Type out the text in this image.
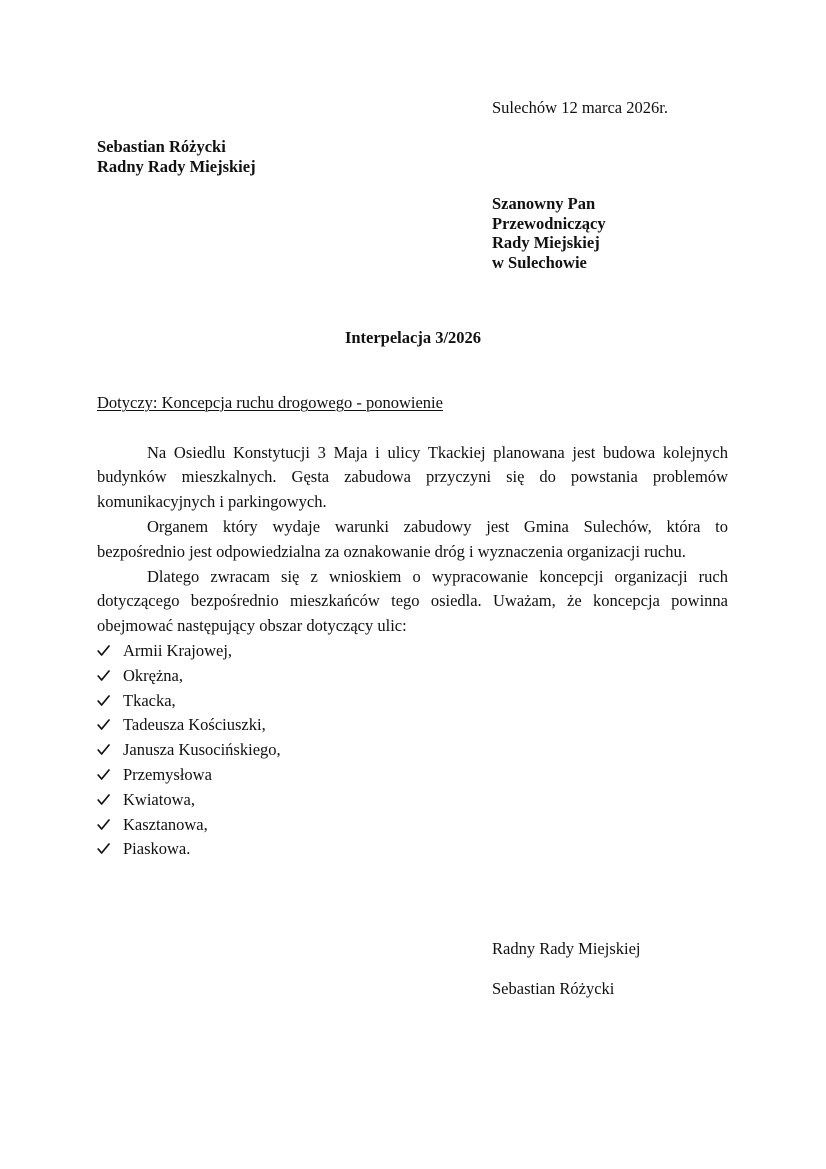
Sulechów 12 marca 2026r.
Sebastian Różycki
Radny Rady Miejskiej
Szanowny Pan
Przewodniczący
Rady Miejskiej
w Sulechowie
Interpelacja 3/2026
Dotyczy: Koncepcja ruchu drogowego - ponowienie
Na Osiedlu Konstytucji 3 Maja i ulicy Tkackiej planowana jest budowa kolejnych
budynków mieszkalnych. Gęsta zabudowa przyczyni się do powstania problemów
komunikacyjnych i parkingowych.
Organem który wydaje warunki zabudowy jest Gmina Sulechów, która to
bezpośrednio jest odpowiedzialna za oznakowanie dróg i wyznaczenia organizacji ruchu.
Dlatego zwracam się z wnioskiem o wypracowanie koncepcji organizacji ruch
dotyczącego bezpośrednio mieszkańców tego osiedla. Uważam, że koncepcja powinna
obejmować następujący obszar dotyczący ulic:
Armii Krajowej,
Okrężna,
Tkacka,
Tadeusza Kościuszki,
Janusza Kusocińskiego,
Przemysłowa
Kwiatowa,
Kasztanowa,
Piaskowa.
Radny Rady Miejskiej
Sebastian Różycki
